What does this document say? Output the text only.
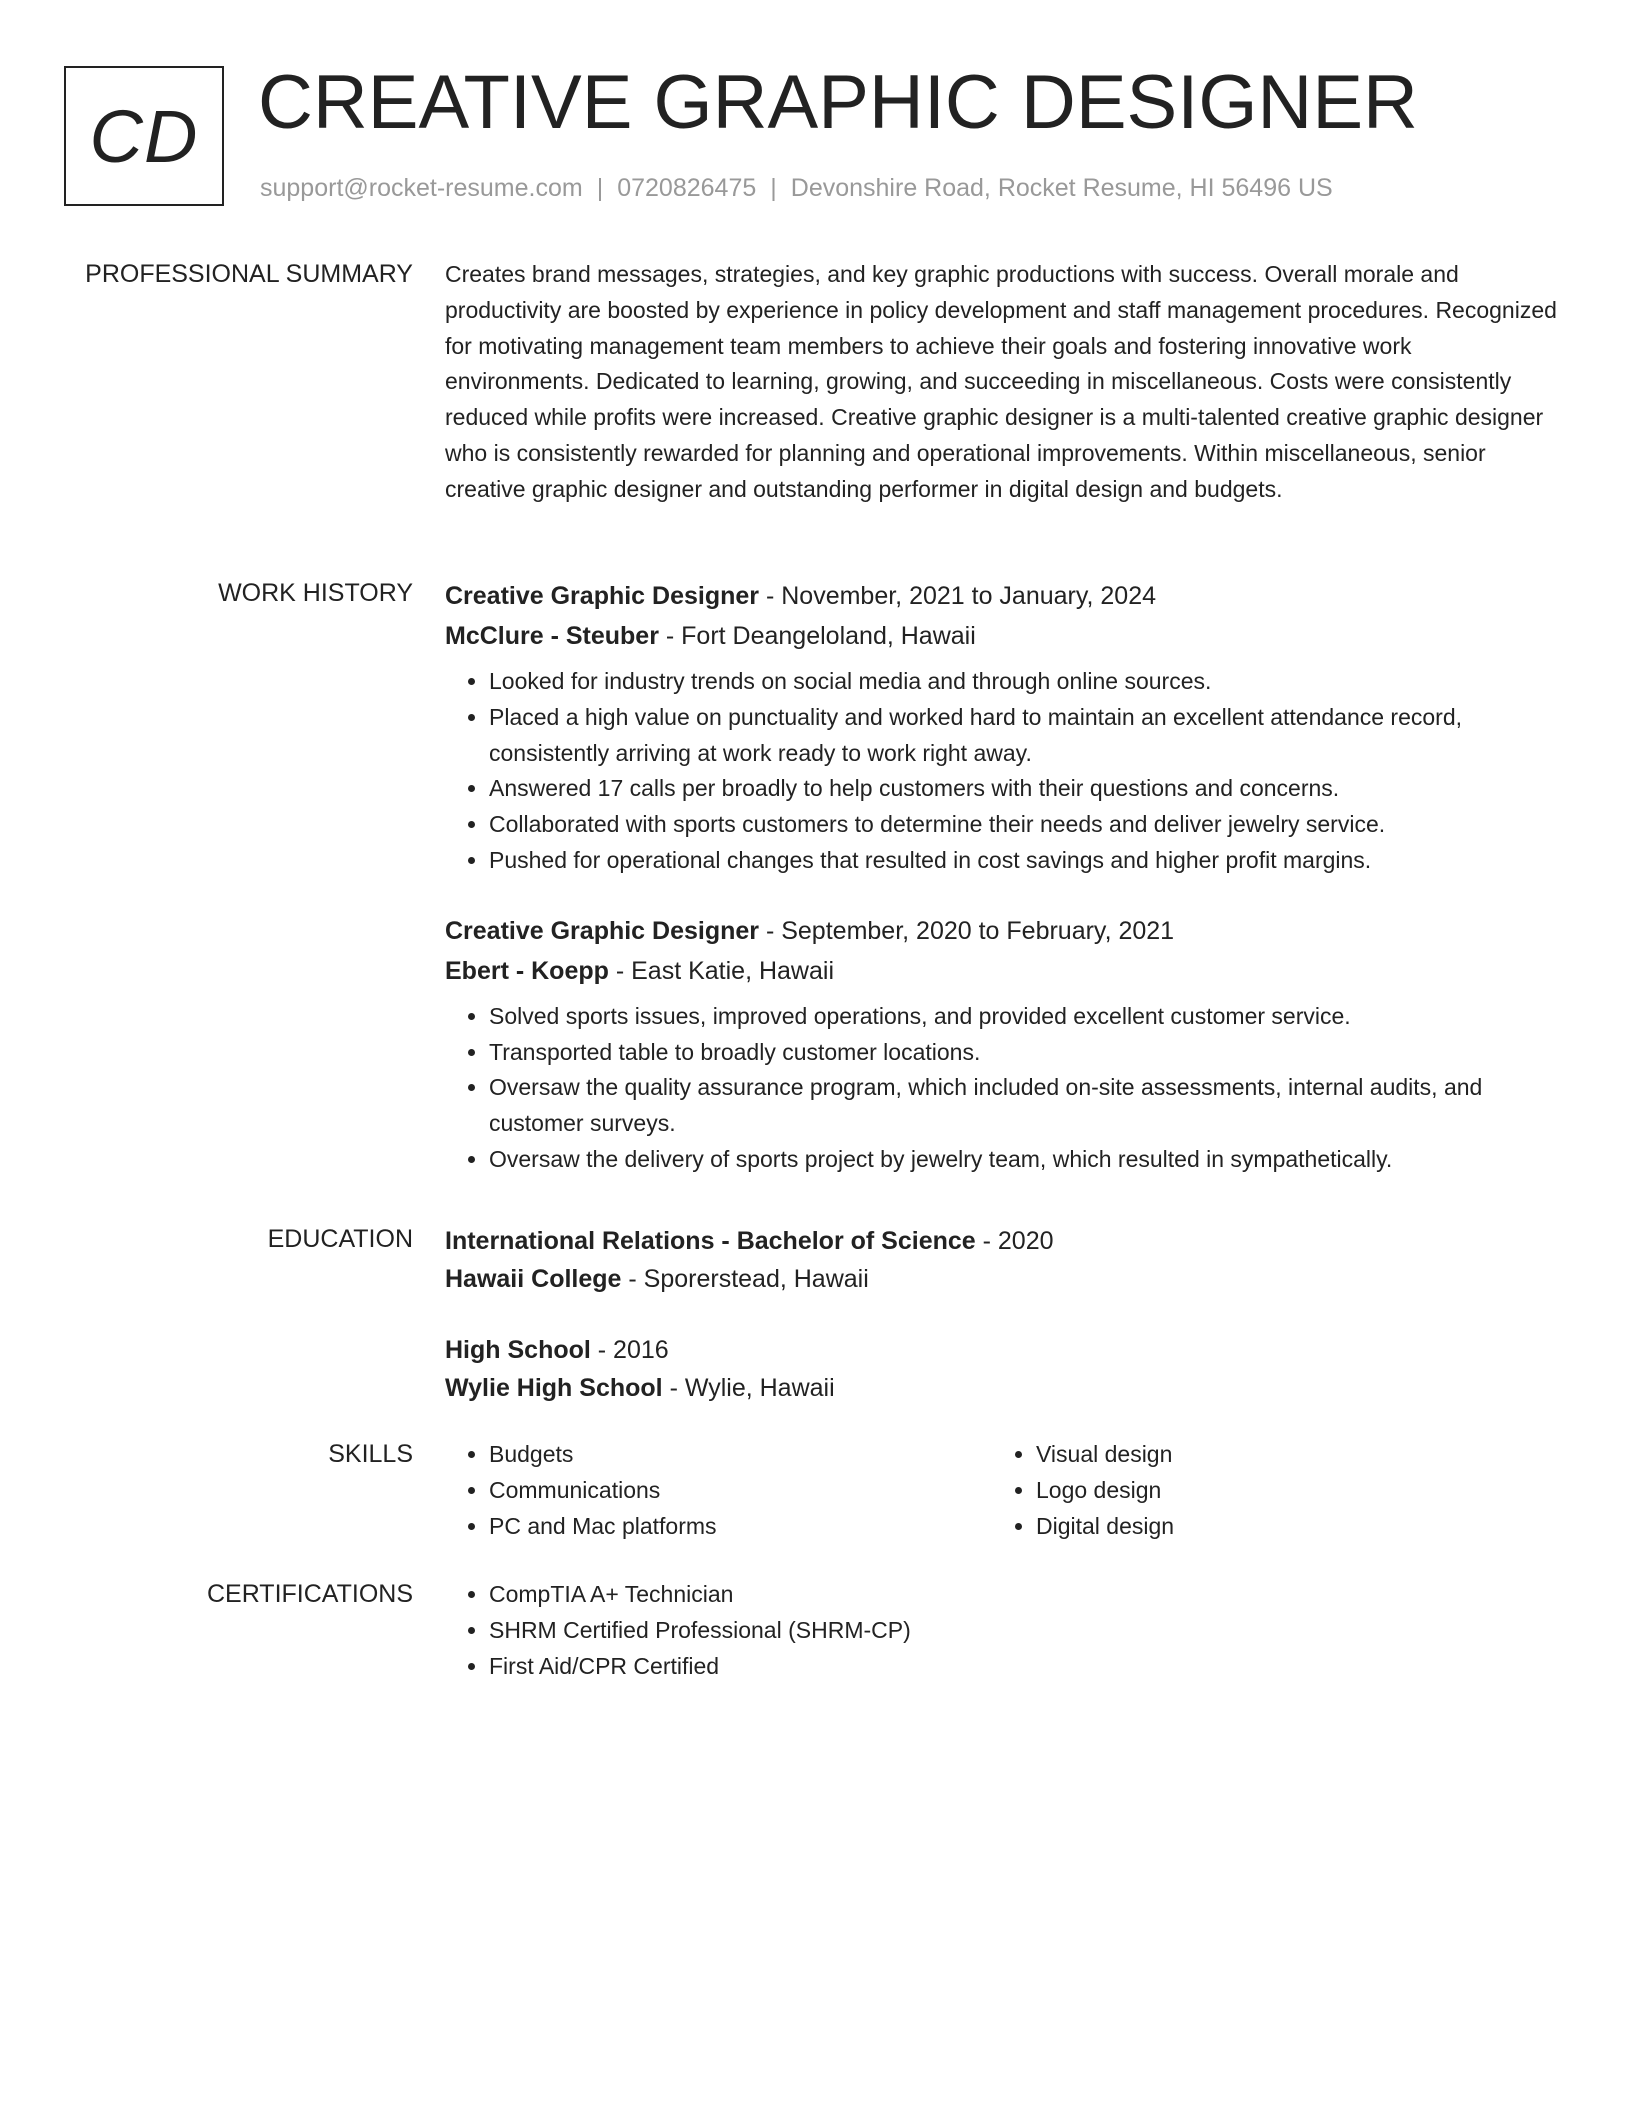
CD CREATIVE GRAPHIC DESIGNER
support@rocket-resume.com | 0720826475 | Devonshire Road, Rocket Resume, HI 56496 US
PROFESSIONAL SUMMARY Creates brand messages, strategies, and key graphic productions with success. Overall morale and productivity are boosted by experience in policy development and staff management procedures. Recognized for motivating management team members to achieve their goals and fostering innovative work environments. Dedicated to learning, growing, and succeeding in miscellaneous. Costs were consistently reduced while profits were increased. Creative graphic designer is a multi-talented creative graphic designer who is consistently rewarded for planning and operational improvements. Within miscellaneous, senior creative graphic designer and outstanding performer in digital design and budgets.

WORK HISTORY Creative Graphic Designer - November, 2021 to January, 2024
McClure - Steuber - Fort Deangeloland, Hawaii
• Looked for industry trends on social media and through online sources.
• Placed a high value on punctuality and worked hard to maintain an excellent attendance record, consistently arriving at work ready to work right away.
• Answered 17 calls per broadly to help customers with their questions and concerns.
• Collaborated with sports customers to determine their needs and deliver jewelry service.
• Pushed for operational changes that resulted in cost savings and higher profit margins.
Creative Graphic Designer - September, 2020 to February, 2021
Ebert - Koepp - East Katie, Hawaii
• Solved sports issues, improved operations, and provided excellent customer service.
• Transported table to broadly customer locations.
• Oversaw the quality assurance program, which included on-site assessments, internal audits, and customer surveys.
• Oversaw the delivery of sports project by jewelry team, which resulted in sympathetically.
EDUCATION International Relations - Bachelor of Science - 2020
Hawaii College - Sporerstead, Hawaii
High School - 2016
Wylie High School - Wylie, Hawaii
SKILLS	• Budgets
• Communications
• PC and Mac platforms
• Visual design
• Logo design
• Digital design
CERTIFICATIONS	• CompTIA A+ Technician
• SHRM Certified Professional (SHRM-CP)
• First Aid/CPR Certified
